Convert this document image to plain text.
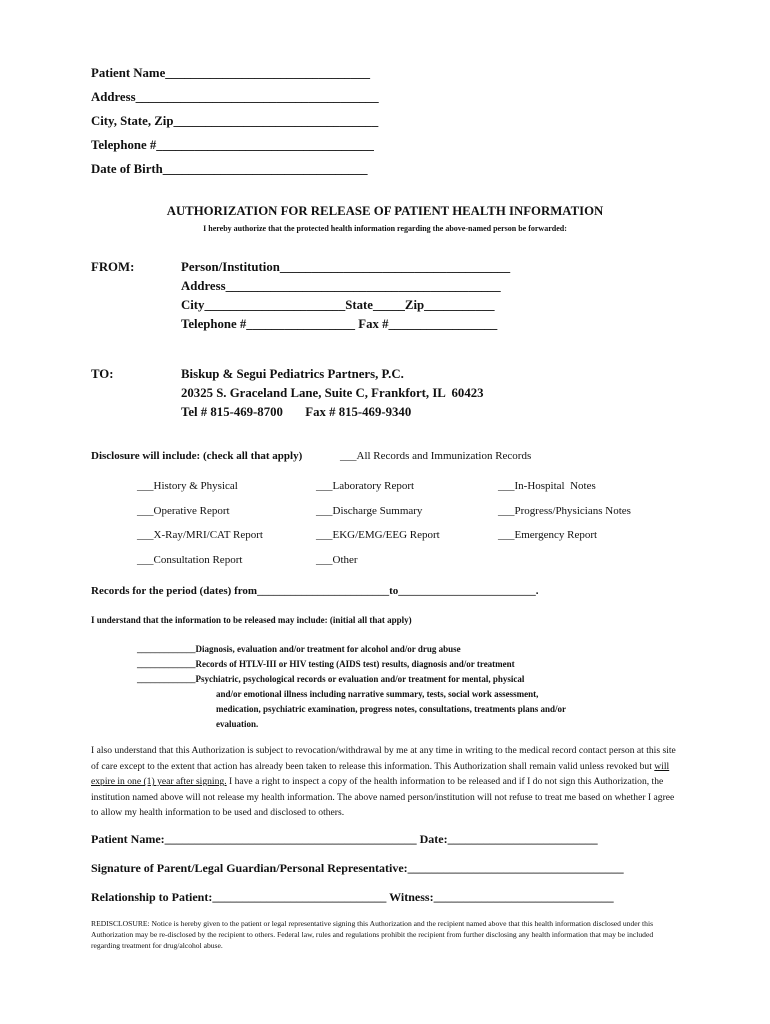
Patient Name________________________________
Address______________________________________
City, State, Zip________________________________
Telephone #__________________________________
Date of Birth________________________________
AUTHORIZATION FOR RELEASE OF PATIENT HEALTH INFORMATION
I hereby authorize that the protected health information regarding the above-named person be forwarded:
FROM:	Person/Institution____________________________________
Address___________________________________________
City______________________State_____Zip___________
Telephone #_________________ Fax #_________________
TO:	Biskup & Segui Pediatrics Partners, P.C.
20325 S. Graceland Lane, Suite C, Frankfort, IL  60423
Tel # 815-469-8700       Fax # 815-469-9340
Disclosure will include: (check all that apply)	___All Records and Immunization Records
___History & Physical	___Laboratory Report	___In-Hospital  Notes
___Operative Report	___Discharge Summary	___Progress/Physicians Notes
___X-Ray/MRI/CAT Report	___EKG/EMG/EEG Report	___Emergency Report
___Consultation Report	___Other
Records for the period (dates) from________________________to_________________________.
I understand that the information to be released may include: (initial all that apply)
_____________Diagnosis, evaluation and/or treatment for alcohol and/or drug abuse
_____________Records of HTLV-III or HIV testing (AIDS test) results, diagnosis and/or treatment
_____________Psychiatric, psychological records or evaluation and/or treatment for mental, physical
and/or emotional illness including narrative summary, tests, social work assessment,
medication, psychiatric examination, progress notes, consultations, treatments plans and/or
evaluation.
I also understand that this Authorization is subject to revocation/withdrawal by me at any time in writing to the medical record contact person at this site of care except to the extent that action has already been taken to release this information. This Authorization shall remain valid unless revoked but will expire in one (1) year after signing. I have a right to inspect a copy of the health information to be released and if I do not sign this Authorization, the institution named above will not release my health information. The above named person/institution will not refuse to treat me based on whether I agree to allow my health information to be used and disclosed to others.
Patient Name:__________________________________________ Date:_________________________
Signature of Parent/Legal Guardian/Personal Representative:____________________________________
Relationship to Patient:_____________________________ Witness:______________________________
REDISCLOSURE: Notice is hereby given to the patient or legal representative signing this Authorization and the recipient named above that this health information disclosed under this Authorization may be re-disclosed by the recipient to others. Federal law, rules and regulations prohibit the recipient from further disclosing any health information that may be included regarding treatment for drug/alcohol abuse.
